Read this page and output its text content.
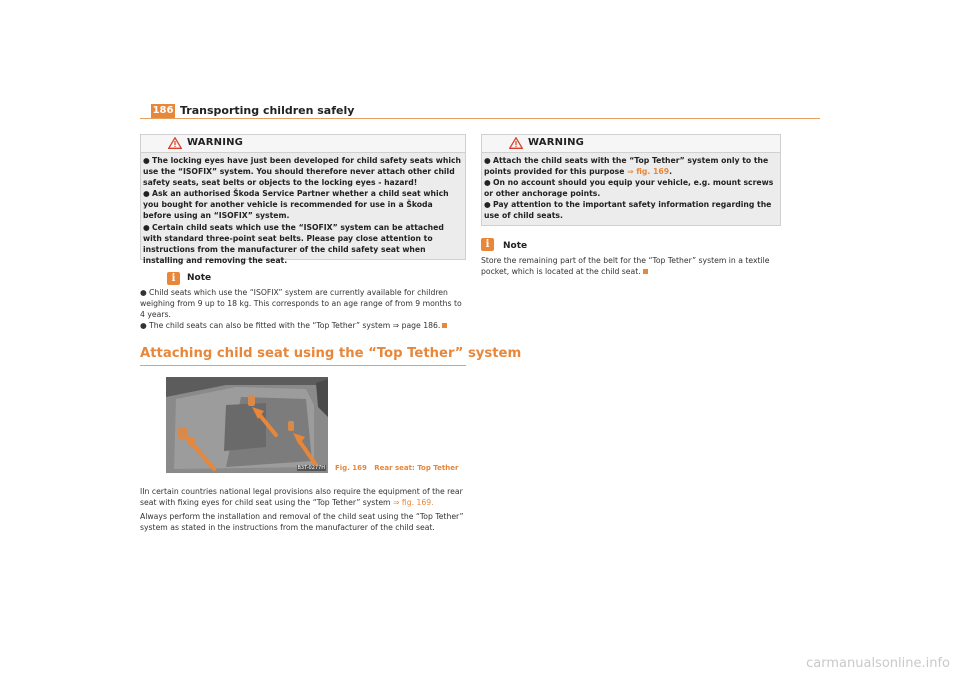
186 Transporting children safely
WARNING

● The locking eyes have just been developed for child safety seats which use the “ISOFIX” system. You should therefore never attach other child safety seats, seat belts or objects to the locking eyes - hazard!

● Ask an authorised Škoda Service Partner whether a child seat which you bought for another vehicle is recommended for use in a Škoda before using an “ISOFIX” system.

● Certain child seats which use the “ISOFIX” system can be attached with standard three-point seat belts. Please pay close attention to instructions from the manufacturer of the child safety seat when installing and removing the seat.

i	Note

● Child seats which use the “ISOFIX” system are currently available for children weighing from 9 up to 18 kg. This corresponds to an age range of from 9 months to 4 years.

● The child seats can also be fitted with the “Top Tether” system ⇒ page 186.

Attaching child seat using the “Top Tether” system
B3T-0277H Fig. 169 Rear seat: Top Tether

IIn certain countries national legal provisions also require the equipment of the rear seat with fixing eyes for child seat using the “Top Tether” system ⇒ fig. 169.

Always perform the installation and removal of the child seat using the “Top Tether” system as stated in the instructions from the manufacturer of the child seat.

WARNING

● Attach the child seats with the “Top Tether” system only to the points provided for this purpose ⇒ fig. 169.

● On no account should you equip your vehicle, e.g. mount screws or other anchorage points.

● Pay attention to the important safety information regarding the use of child seats.

i	Note

Store the remaining part of the belt for the “Top Tether” system in a textile pocket, which is located at the child seat.

carmanualsonline.info
